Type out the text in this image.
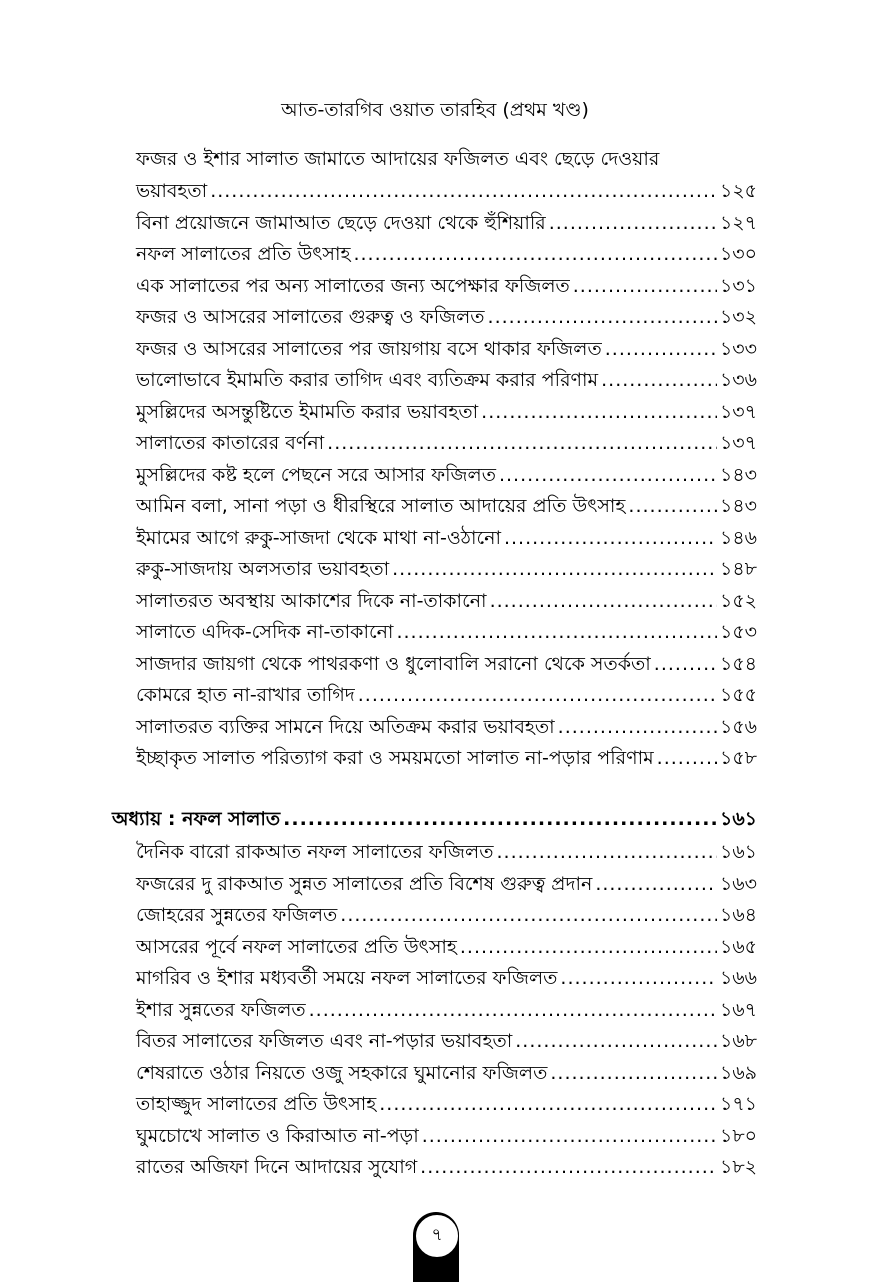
আত-তারগিব ওয়াত তারহিব (প্রথম খণ্ড)
ফজর ও ইশার সালাত জামাতে আদায়ের ফজিলত এবং ছেড়ে দেওয়ার
ভয়াবহতা .....	১২৫
বিনা প্রয়োজনে জামাআত ছেড়ে দেওয়া থেকে হুঁশিয়ারি .....	১২৭
নফল সালাতের প্রতি উৎসাহ .....	১৩০
এক সালাতের পর অন্য সালাতের জন্য অপেক্ষার ফজিলত .....	১৩১
ফজর ও আসরের সালাতের গুরুত্ব ও ফজিলত .....	১৩২
ফজর ও আসরের সালাতের পর জায়গায় বসে থাকার ফজিলত .....	১৩৩
ভালোভাবে ইমামতি করার তাগিদ এবং ব্যতিক্রম করার পরিণাম .....	১৩৬
মুসল্লিদের অসন্তুষ্টিতে ইমামতি করার ভয়াবহতা .....	১৩৭
সালাতের কাতারের বর্ণনা .....	১৩৭
মুসল্লিদের কষ্ট হলে পেছনে সরে আসার ফজিলত .....	১৪৩
আমিন বলা, সানা পড়া ও ধীরস্থিরে সালাত আদায়ের প্রতি উৎসাহ .....	১৪৩
ইমামের আগে রুকু-সাজদা থেকে মাথা না-ওঠানো .....	১৪৬
রুকু-সাজদায় অলসতার ভয়াবহতা .....	১৪৮
সালাতরত অবস্থায় আকাশের দিকে না-তাকানো .....	১৫২
সালাতে এদিক-সেদিক না-তাকানো .....	১৫৩
সাজদার জায়গা থেকে পাথরকণা ও ধুলোবালি সরানো থেকে সতর্কতা .....	১৫৪
কোমরে হাত না-রাখার তাগিদ .....	১৫৫
সালাতরত ব্যক্তির সামনে দিয়ে অতিক্রম করার ভয়াবহতা .....	১৫৬
ইচ্ছাকৃত সালাত পরিত্যাগ করা ও সময়মতো সালাত না-পড়ার পরিণাম .....	১৫৮
অধ্যায় : নফল সালাত .....	১৬১
দৈনিক বারো রাকআত নফল সালাতের ফজিলত .....	১৬১
ফজরের দু রাকআত সুন্নত সালাতের প্রতি বিশেষ গুরুত্ব প্রদান .....	১৬৩
জোহরের সুন্নতের ফজিলত .....	১৬৪
আসরের পূর্বে নফল সালাতের প্রতি উৎসাহ .....	১৬৫
মাগরিব ও ইশার মধ্যবর্তী সময়ে নফল সালাতের ফজিলত .....	১৬৬
ইশার সুন্নতের ফজিলত .....	১৬৭
বিতর সালাতের ফজিলত এবং না-পড়ার ভয়াবহতা .....	১৬৮
শেষরাতে ওঠার নিয়তে ওজু সহকারে ঘুমানোর ফজিলত .....	১৬৯
তাহাজ্জুদ সালাতের প্রতি উৎসাহ .....	১৭১
ঘুমচোখে সালাত ও কিরাআত না-পড়া .....	১৮০
রাতের অজিফা দিনে আদায়ের সুযোগ .....	১৮২
৭
